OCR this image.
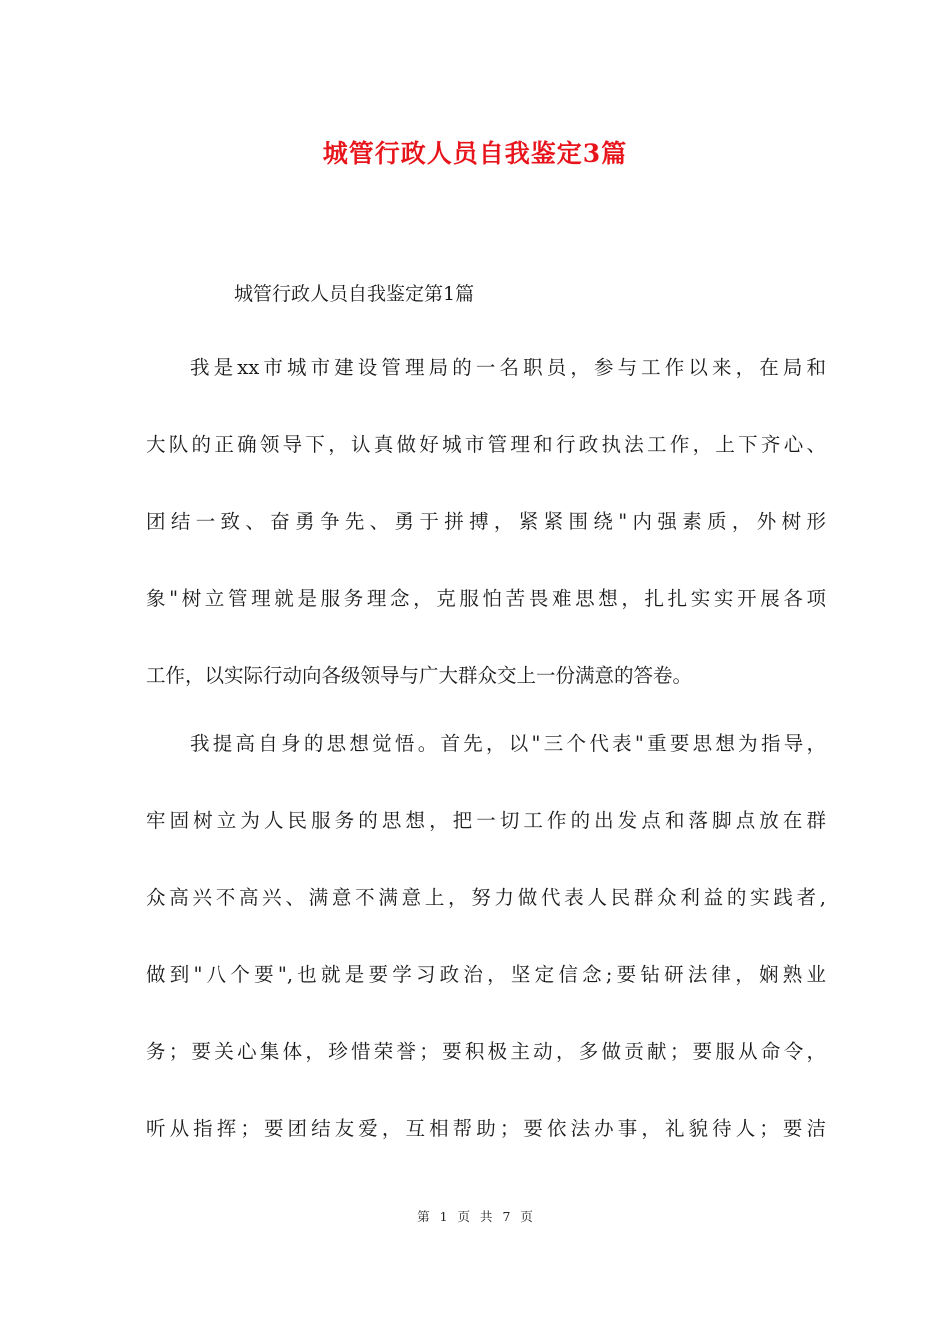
城管行政人员自我鉴定3篇

城管行政人员自我鉴定第1篇

我是xx市城市建设管理局的一名职员，参与工作以来，在局和
大队的正确领导下，认真做好城市管理和行政执法工作，上下齐心、
团结一致、奋勇争先、勇于拼搏，紧紧围绕"内强素质，外树形
象"树立管理就是服务理念，克服怕苦畏难思想，扎扎实实开展各项
工作，以实际行动向各级领导与广大群众交上一份满意的答卷。
我提高自身的思想觉悟。首先，以"三个代表"重要思想为指导，
牢固树立为人民服务的思想，把一切工作的出发点和落脚点放在群
众高兴不高兴、满意不满意上，努力做代表人民群众利益的实践者,
做到"八个要",也就是要学习政治，坚定信念;要钻研法律，娴熟业
务；要关心集体，珍惜荣誉；要积极主动，多做贡献；要服从命令，
听从指挥；要团结友爱，互相帮助；要依法办事，礼貌待人；要洁
第 1 页 共 7 页
